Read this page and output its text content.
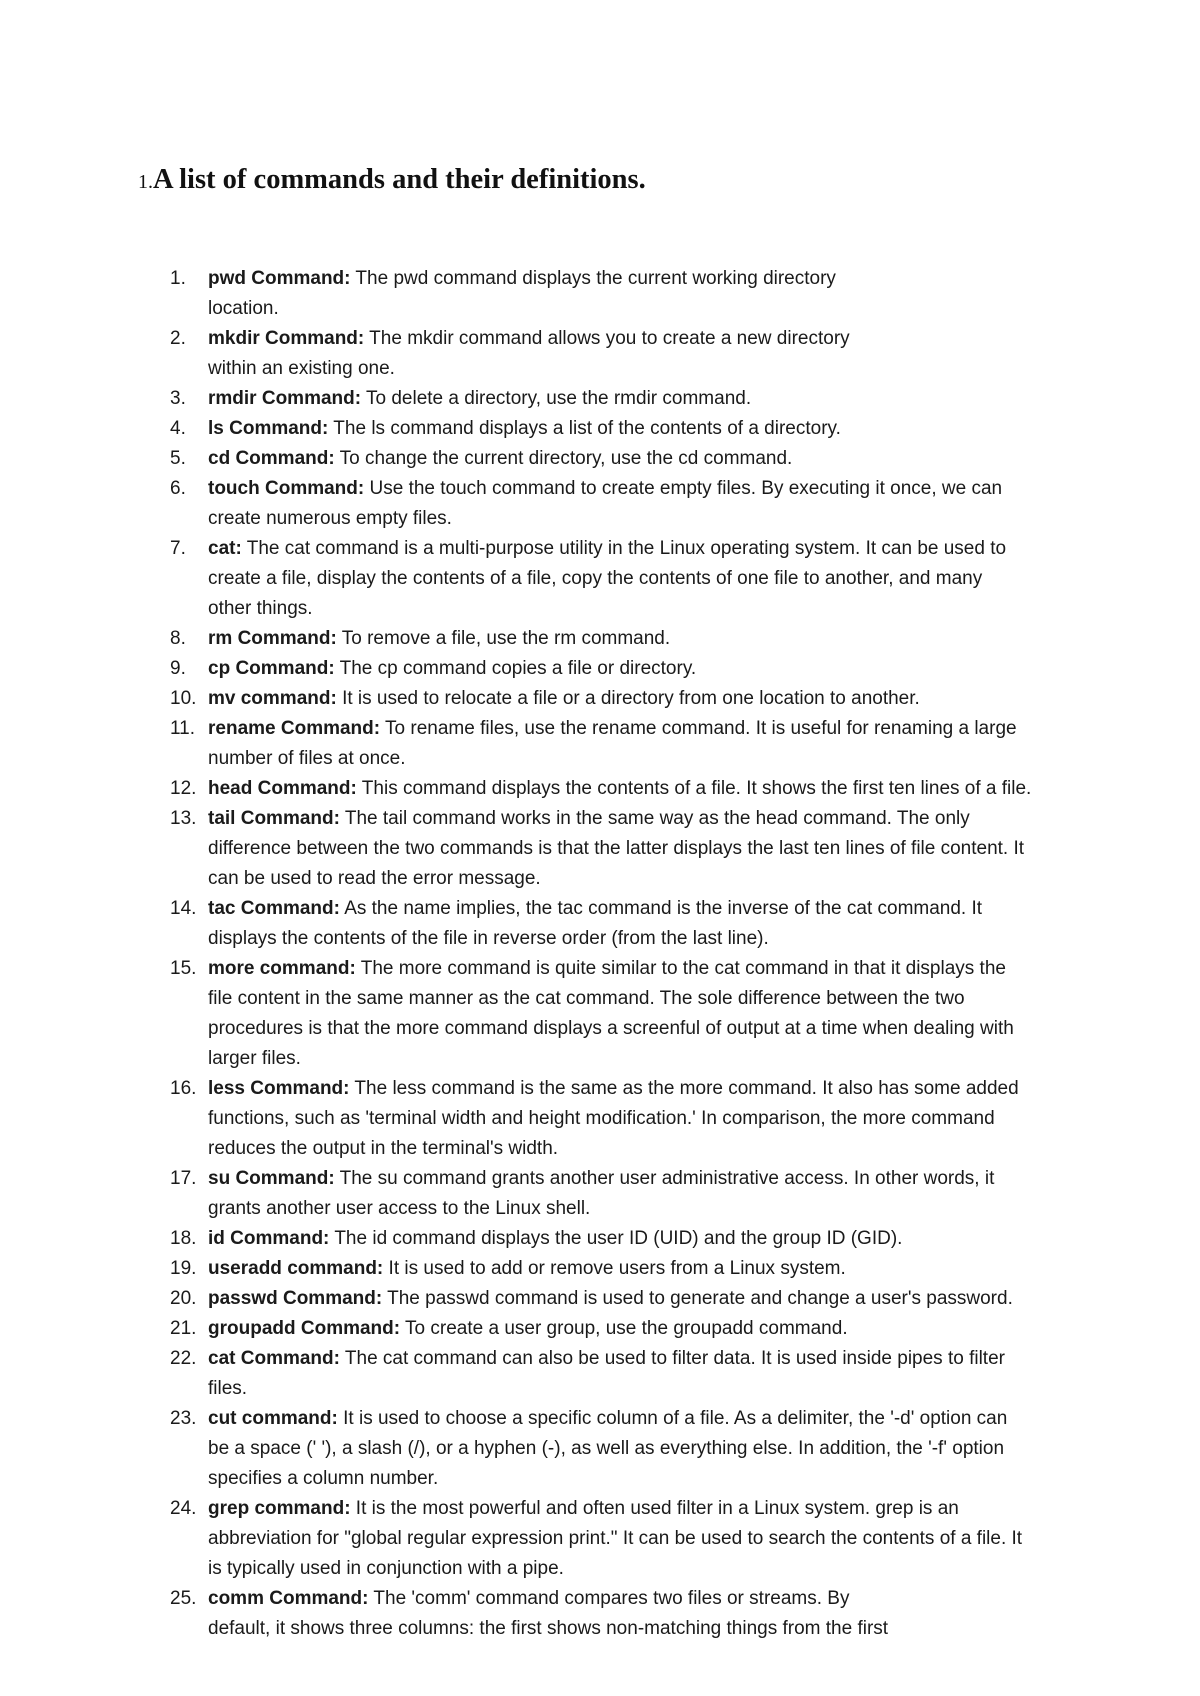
1.A list of commands and their definitions.
1. pwd Command: The pwd command displays the current working directory
location.
2. mkdir Command: The mkdir command allows you to create a new directory
within an existing one.
3. rmdir Command: To delete a directory, use the rmdir command.
4. ls Command: The ls command displays a list of the contents of a directory.
5. cd Command: To change the current directory, use the cd command.
6. touch Command: Use the touch command to create empty files. By executing it once, we can
create numerous empty files.
7. cat: The cat command is a multi-purpose utility in the Linux operating system. It can be used to
create a file, display the contents of a file, copy the contents of one file to another, and many
other things.
8. rm Command: To remove a file, use the rm command.
9. cp Command: The cp command copies a file or directory.
10. mv command: It is used to relocate a file or a directory from one location to another.
11. rename Command: To rename files, use the rename command. It is useful for renaming a large
number of files at once.
12. head Command: This command displays the contents of a file. It shows the first ten lines of a file.
13. tail Command: The tail command works in the same way as the head command. The only
difference between the two commands is that the latter displays the last ten lines of file content. It
can be used to read the error message.
14. tac Command: As the name implies, the tac command is the inverse of the cat command. It
displays the contents of the file in reverse order (from the last line).
15. more command: The more command is quite similar to the cat command in that it displays the
file content in the same manner as the cat command. The sole difference between the two
procedures is that the more command displays a screenful of output at a time when dealing with
larger files.
16. less Command: The less command is the same as the more command. It also has some added
functions, such as 'terminal width and height modification.' In comparison, the more command
reduces the output in the terminal's width.
17. su Command: The su command grants another user administrative access. In other words, it
grants another user access to the Linux shell.
18. id Command: The id command displays the user ID (UID) and the group ID (GID).
19. useradd command: It is used to add or remove users from a Linux system.
20. passwd Command: The passwd command is used to generate and change a user's password.
21. groupadd Command: To create a user group, use the groupadd command.
22. cat Command: The cat command can also be used to filter data. It is used inside pipes to filter
files.
23. cut command: It is used to choose a specific column of a file. As a delimiter, the '-d' option can
be a space (' '), a slash (/), or a hyphen (-), as well as everything else. In addition, the '-f' option
specifies a column number.
24. grep command: It is the most powerful and often used filter in a Linux system. grep is an
abbreviation for "global regular expression print." It can be used to search the contents of a file. It
is typically used in conjunction with a pipe.
25. comm Command: The 'comm' command compares two files or streams. By
default, it shows three columns: the first shows non-matching things from the first
